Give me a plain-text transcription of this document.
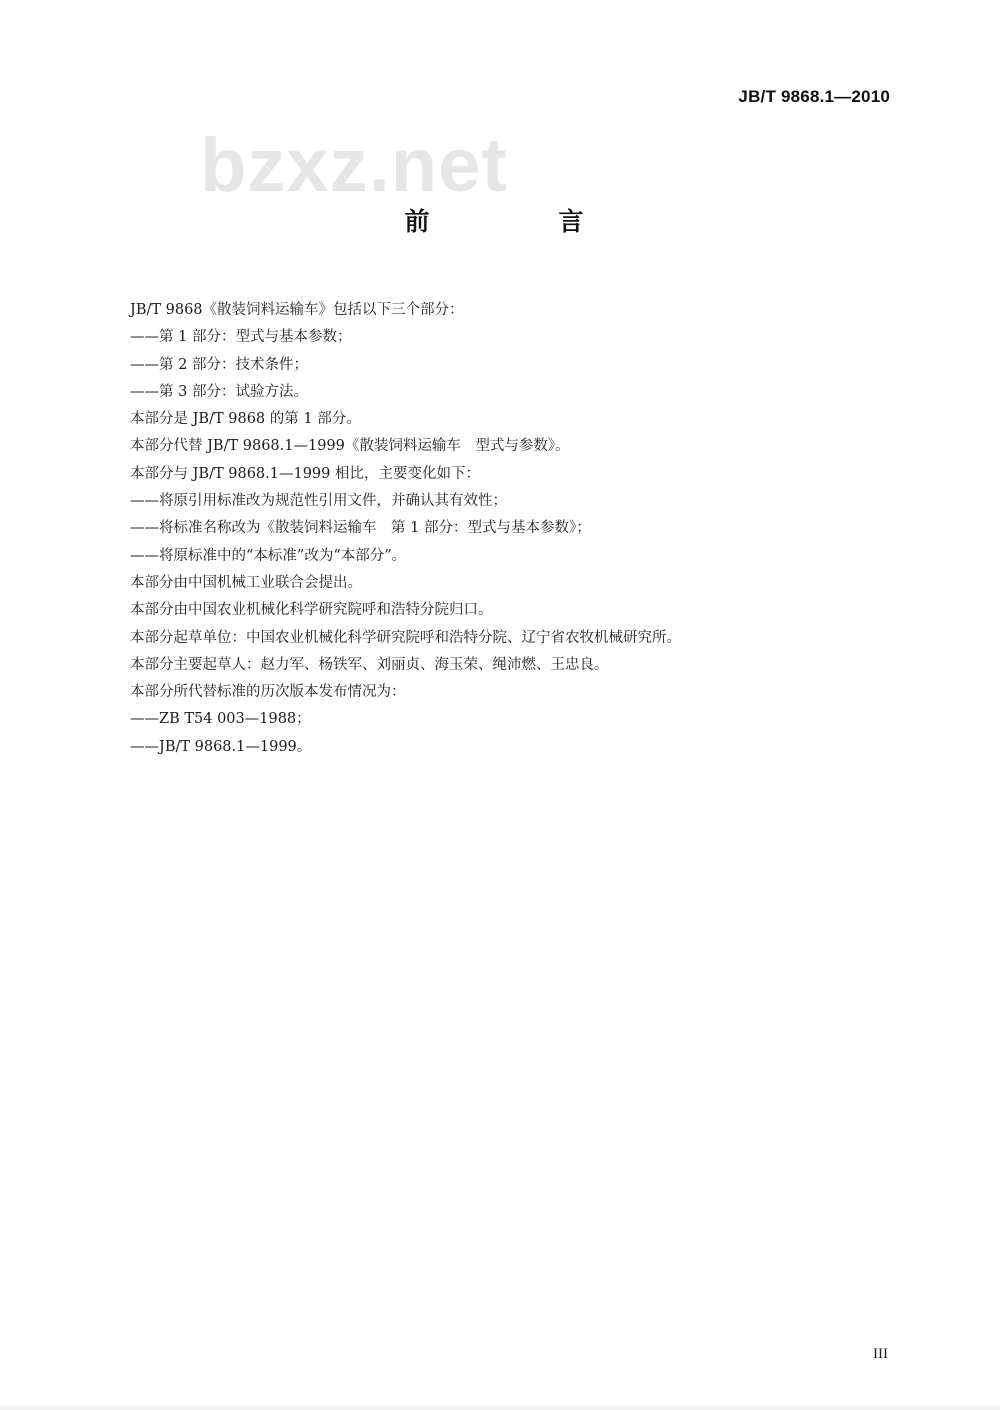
JB/T 9868.1—2010
bzxz.net
前　言
JB/T 9868《散装饲料运输车》包括以下三个部分：
——第 1 部分：型式与基本参数；
——第 2 部分：技术条件；
——第 3 部分：试验方法。
本部分是 JB/T 9868 的第 1 部分。
本部分代替 JB/T 9868.1—1999《散装饲料运输车　型式与参数》。
本部分与 JB/T 9868.1—1999 相比，主要变化如下：
——将原引用标准改为规范性引用文件，并确认其有效性；
——将标准名称改为《散装饲料运输车　第 1 部分：型式与基本参数》；
——将原标准中的“本标准”改为“本部分”。
本部分由中国机械工业联合会提出。
本部分由中国农业机械化科学研究院呼和浩特分院归口。
本部分起草单位：中国农业机械化科学研究院呼和浩特分院、辽宁省农牧机械研究所。
本部分主要起草人：赵力军、杨铁军、刘丽贞、海玉荣、绳沛燃、王忠良。
本部分所代替标准的历次版本发布情况为：
——ZB T54 003—1988；
——JB/T 9868.1—1999。
III
